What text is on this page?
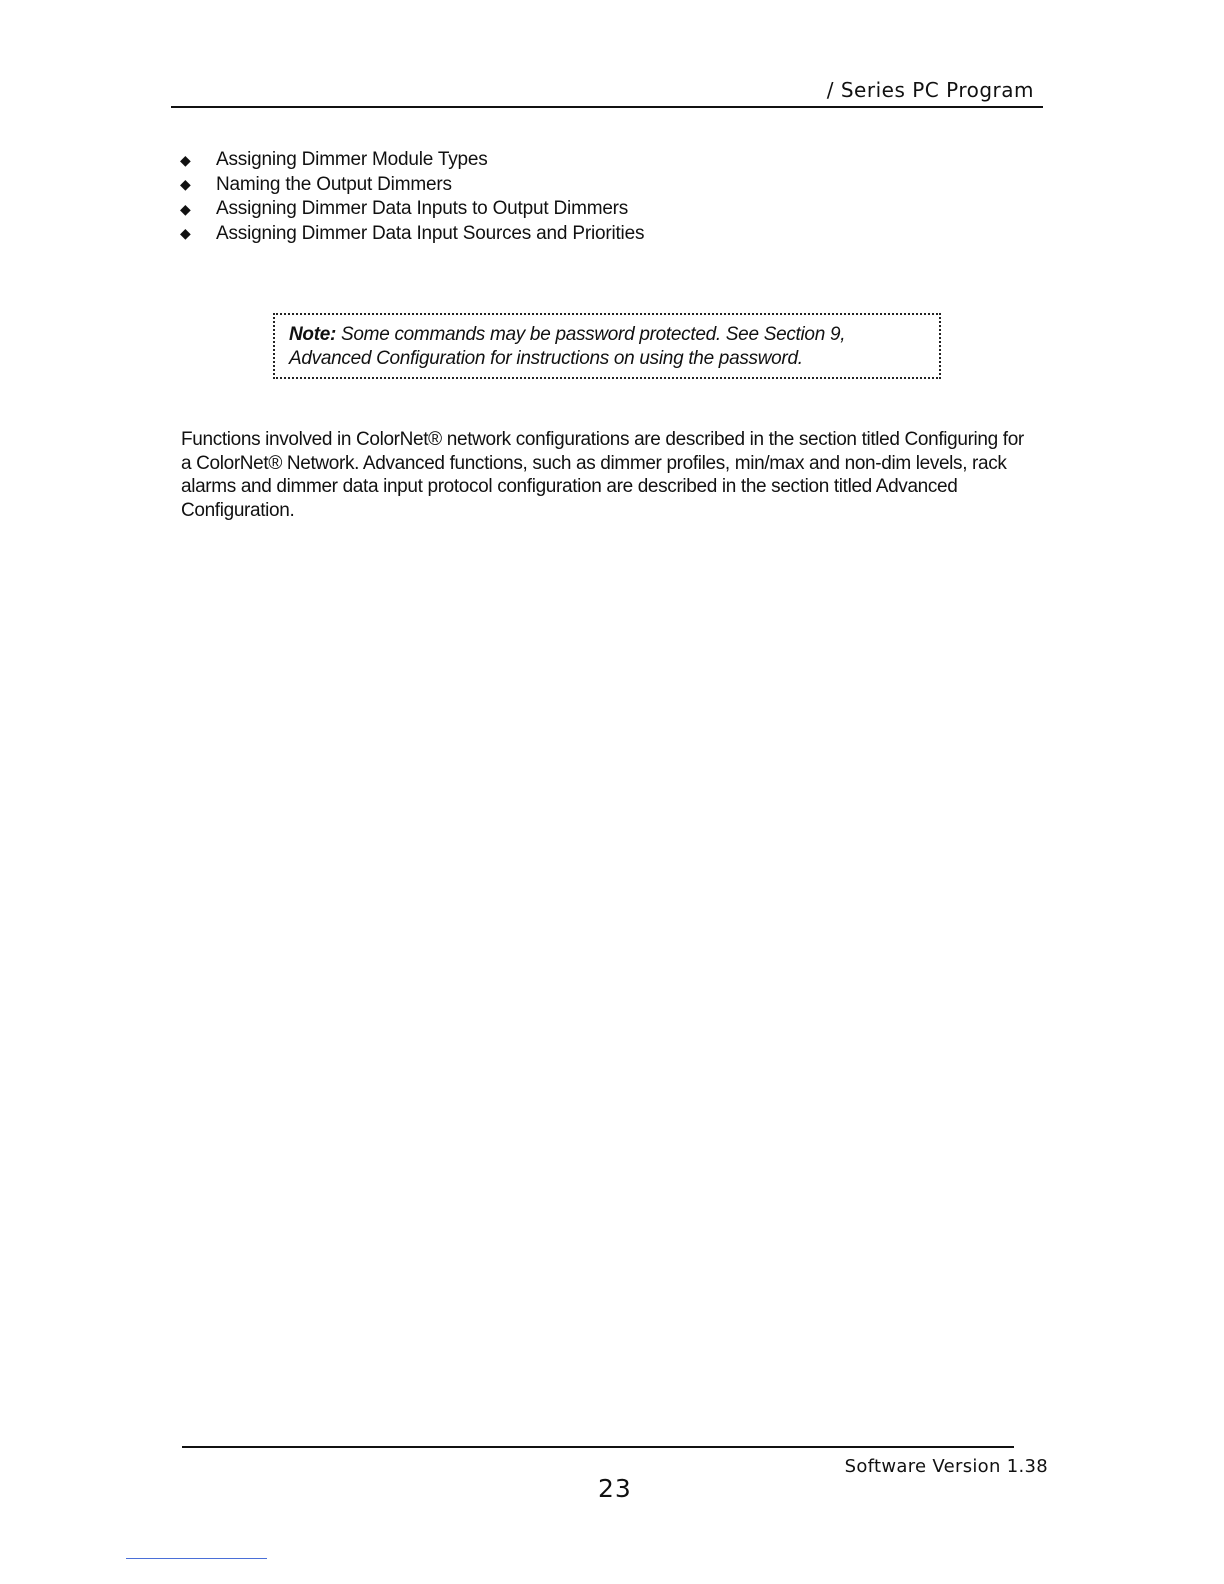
/ Series PC Program
◆	Assigning Dimmer Module Types
◆	Naming the Output Dimmers
◆	Assigning Dimmer Data Inputs to Output Dimmers
◆	Assigning Dimmer Data Input Sources and Priorities
Note: Some commands may be password protected. See Section 9, Advanced Configuration for instructions on using the password.

Functions involved in ColorNet® network configurations are described in the section titled Configuring for a ColorNet® Network. Advanced functions, such as dimmer profiles, min/max and non-dim levels, rack alarms and dimmer data input protocol configuration are described in the section titled Advanced Configuration.

Software Version 1.38
23
